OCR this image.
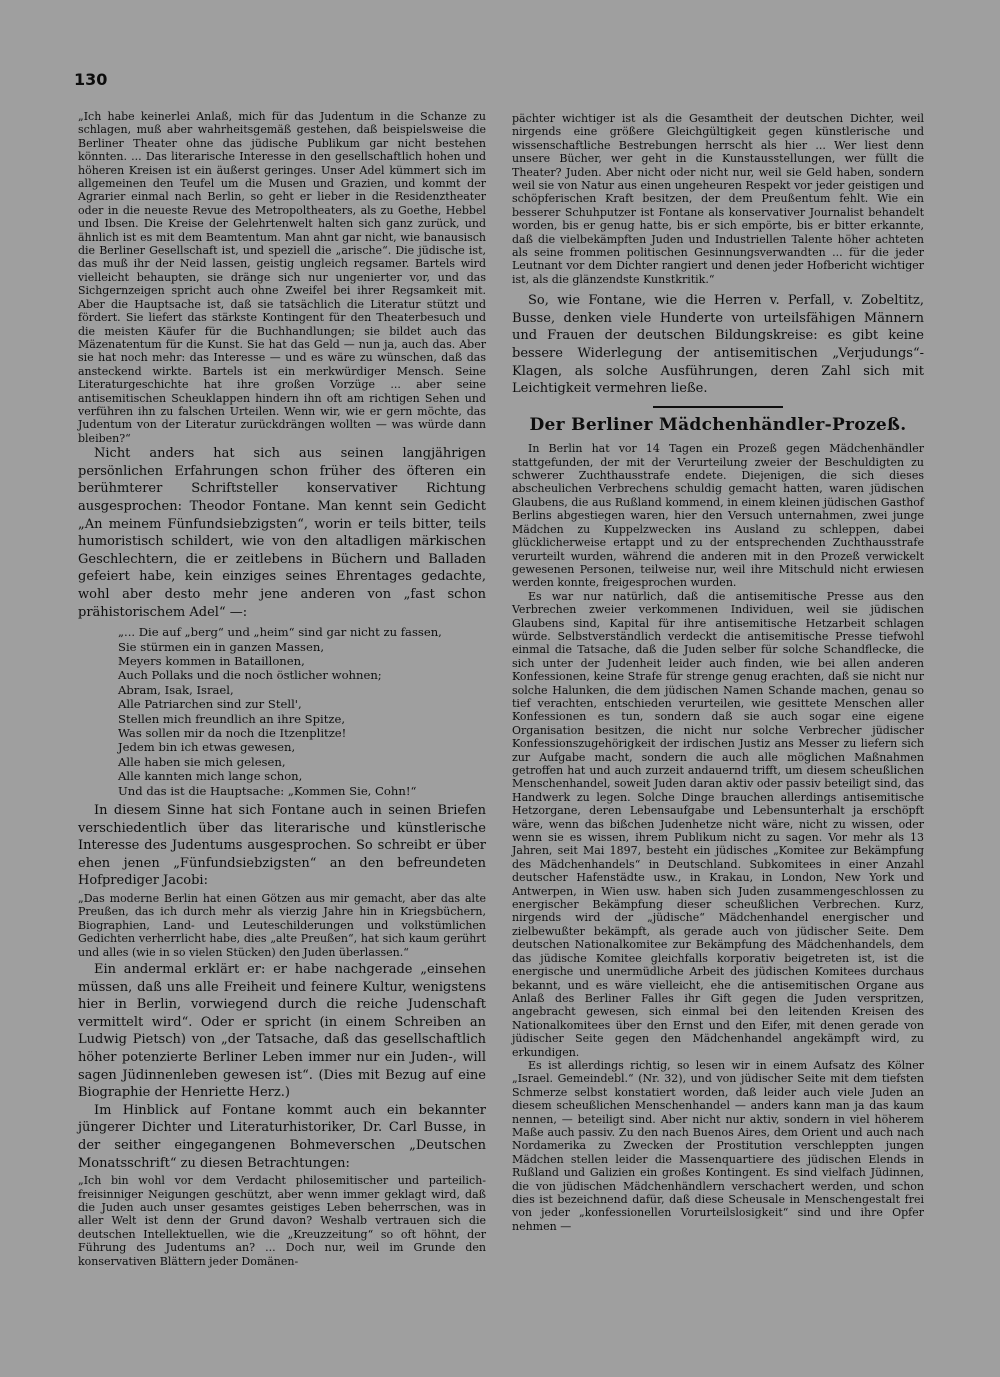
130

„Ich habe keinerlei Anlaß, mich für das Judentum in die Schanze zu schlagen, muß aber wahrheitsgemäß gestehen, daß beispielsweise die Berliner Theater ohne das jüdische Publikum gar nicht bestehen könnten. ... Das literarische Interesse in den gesellschaftlich hohen und höheren Kreisen ist ein äußerst geringes. Unser Adel kümmert sich im allgemeinen den Teufel um die Musen und Grazien, und kommt der Agrarier einmal nach Berlin, so geht er lieber in die Residenztheater oder in die neueste Revue des Metropoltheaters, als zu Goethe, Hebbel und Ibsen. Die Kreise der Gelehrtenwelt halten sich ganz zurück, und ähnlich ist es mit dem Beamtentum. Man ahnt gar nicht, wie banausisch die Berliner Gesellschaft ist, und speziell die „arische“. Die jüdische ist, das muß ihr der Neid lassen, geistig ungleich regsamer. Bartels wird vielleicht behaupten, sie dränge sich nur ungenierter vor, und das Sichgernzeigen spricht auch ohne Zweifel bei ihrer Regsamkeit mit. Aber die Hauptsache ist, daß sie tatsächlich die Literatur stützt und fördert. Sie liefert das stärkste Kontingent für den Theaterbesuch und die meisten Käufer für die Buchhandlungen; sie bildet auch das Mäzenatentum für die Kunst. Sie hat das Geld — nun ja, auch das. Aber sie hat noch mehr: das Interesse — und es wäre zu wünschen, daß das ansteckend wirkte. Bartels ist ein merkwürdiger Mensch. Seine Literaturgeschichte hat ihre großen Vorzüge ... aber seine antisemitischen Scheuklappen hindern ihn oft am richtigen Sehen und verführen ihn zu falschen Urteilen. Wenn wir, wie er gern möchte, das Judentum von der Literatur zurückdrängen wollten — was würde dann bleiben?“

Nicht anders hat sich aus seinen langjährigen persönlichen Erfahrungen schon früher des öfteren ein berühmterer Schriftsteller konservativer Richtung ausgesprochen: Theodor Fontane. Man kennt sein Gedicht „An meinem Fünfundsiebzigsten“, worin er teils bitter, teils humoristisch schildert, wie von den altadligen märkischen Geschlechtern, die er zeitlebens in Büchern und Balladen gefeiert habe, kein einziges seines Ehrentages gedachte, wohl aber desto mehr jene anderen von „fast schon prähistorischem Adel“ —:

„... Die auf „berg“ und „heim“ sind gar nicht zu fassen,
Sie stürmen ein in ganzen Massen,
Meyers kommen in Bataillonen,
Auch Pollaks und die noch östlicher wohnen;
Abram, Isak, Israel,
Alle Patriarchen sind zur Stell',
Stellen mich freundlich an ihre Spitze,
Was sollen mir da noch die Itzenplitze!
Jedem bin ich etwas gewesen,
Alle haben sie mich gelesen,
Alle kannten mich lange schon,
Und das ist die Hauptsache: „Kommen Sie, Cohn!“

In diesem Sinne hat sich Fontane auch in seinen Briefen verschiedentlich über das literarische und künstlerische Interesse des Judentums ausgesprochen. So schreibt er über ehen jenen „Fünfundsiebzigsten“ an den befreundeten Hofprediger Jacobi:

„Das moderne Berlin hat einen Götzen aus mir gemacht, aber das alte Preußen, das ich durch mehr als vierzig Jahre hin in Kriegsbüchern, Biographien, Land- und Leuteschilderungen und volkstümlichen Gedichten verherrlicht habe, dies „alte Preußen“, hat sich kaum gerührt und alles (wie in so vielen Stücken) den Juden überlassen.“

Ein andermal erklärt er: er habe nachgerade „einsehen müssen, daß uns alle Freiheit und feinere Kultur, wenigstens hier in Berlin, vorwiegend durch die reiche Judenschaft vermittelt wird“. Oder er spricht (in einem Schreiben an Ludwig Pietsch) von „der Tatsache, daß das gesellschaftlich höher potenzierte Berliner Leben immer nur ein Juden-, will sagen Jüdinnenleben gewesen ist“. (Dies mit Bezug auf eine Biographie der Henriette Herz.)

Im Hinblick auf Fontane kommt auch ein bekannter jüngerer Dichter und Literaturhistoriker, Dr. Carl Busse, in der seither eingegangenen Bohmeverschen „Deutschen Monatsschrift“ zu diesen Betrachtungen:

„Ich bin wohl vor dem Verdacht philosemitischer und parteilich-freisinniger Neigungen geschützt, aber wenn immer geklagt wird, daß die Juden auch unser gesamtes geistiges Leben beherrschen, was in aller Welt ist denn der Grund davon? Weshalb vertrauen sich die deutschen Intellektuellen, wie die „Kreuzzeitung“ so oft höhnt, der Führung des Judentums an? ... Doch nur, weil im Grunde den konservativen Blättern jeder Domänen-

pächter wichtiger ist als die Gesamtheit der deutschen Dichter, weil nirgends eine größere Gleichgültigkeit gegen künstlerische und wissenschaftliche Bestrebungen herrscht als hier ... Wer liest denn unsere Bücher, wer geht in die Kunstausstellungen, wer füllt die Theater? Juden. Aber nicht oder nicht nur, weil sie Geld haben, sondern weil sie von Natur aus einen ungeheuren Respekt vor jeder geistigen und schöpferischen Kraft besitzen, der dem Preußentum fehlt. Wie ein besserer Schuhputzer ist Fontane als konservativer Journalist behandelt worden, bis er genug hatte, bis er sich empörte, bis er bitter erkannte, daß die vielbekämpften Juden und Industriellen Talente höher achteten als seine frommen politischen Gesinnungsverwandten ... für die jeder Leutnant vor dem Dichter rangiert und denen jeder Hofbericht wichtiger ist, als die glänzendste Kunstkritik.“

So, wie Fontane, wie die Herren v. Perfall, v. Zobeltitz, Busse, denken viele Hunderte von urteilsfähigen Männern und Frauen der deutschen Bildungskreise: es gibt keine bessere Widerlegung der antisemitischen „Verjudungs“-Klagen, als solche Ausführungen, deren Zahl sich mit Leichtigkeit vermehren ließe.

Der Berliner Mädchenhändler-Prozeß.

In Berlin hat vor 14 Tagen ein Prozeß gegen Mädchenhändler stattgefunden, der mit der Verurteilung zweier der Beschuldigten zu schwerer Zuchthausstrafe endete. Diejenigen, die sich dieses abscheulichen Verbrechens schuldig gemacht hatten, waren jüdischen Glaubens, die aus Rußland kommend, in einem kleinen jüdischen Gasthof Berlins abgestiegen waren, hier den Versuch unternahmen, zwei junge Mädchen zu Kuppelzwecken ins Ausland zu schleppen, dabei glücklicherweise ertappt und zu der entsprechenden Zuchthausstrafe verurteilt wurden, während die anderen mit in den Prozeß verwickelt gewesenen Personen, teilweise nur, weil ihre Mitschuld nicht erwiesen werden konnte, freigesprochen wurden.

Es war nur natürlich, daß die antisemitische Presse aus den Verbrechen zweier verkommenen Individuen, weil sie jüdischen Glaubens sind, Kapital für ihre antisemitische Hetzarbeit schlagen würde. Selbstverständlich verdeckt die antisemitische Presse tiefwohl einmal die Tatsache, daß die Juden selber für solche Schandflecke, die sich unter der Judenheit leider auch finden, wie bei allen anderen Konfessionen, keine Strafe für strenge genug erachten, daß sie nicht nur solche Halunken, die dem jüdischen Namen Schande machen, genau so tief verachten, entschieden verurteilen, wie gesittete Menschen aller Konfessionen es tun, sondern daß sie auch sogar eine eigene Organisation besitzen, die nicht nur solche Verbrecher jüdischer Konfessionszugehörigkeit der irdischen Justiz ans Messer zu liefern sich zur Aufgabe macht, sondern die auch alle möglichen Maßnahmen getroffen hat und auch zurzeit andauernd trifft, um diesem scheußlichen Menschenhandel, soweit Juden daran aktiv oder passiv beteiligt sind, das Handwerk zu legen. Solche Dinge brauchen allerdings antisemitische Hetzorgane, deren Lebensaufgabe und Lebensunterhalt ja erschöpft wäre, wenn das bißchen Judenhetze nicht wäre, nicht zu wissen, oder wenn sie es wissen, ihrem Publikum nicht zu sagen. Vor mehr als 13 Jahren, seit Mai 1897, besteht ein jüdisches „Komitee zur Bekämpfung des Mädchenhandels“ in Deutschland. Subkomitees in einer Anzahl deutscher Hafenstädte usw., in Krakau, in London, New York und Antwerpen, in Wien usw. haben sich Juden zusammengeschlossen zu energischer Bekämpfung dieser scheußlichen Verbrechen. Kurz, nirgends wird der „jüdische“ Mädchenhandel energischer und zielbewußter bekämpft, als gerade auch von jüdischer Seite. Dem deutschen Nationalkomitee zur Bekämpfung des Mädchenhandels, dem das jüdische Komitee gleichfalls korporativ beigetreten ist, ist die energische und unermüdliche Arbeit des jüdischen Komitees durchaus bekannt, und es wäre vielleicht, ehe die antisemitischen Organe aus Anlaß des Berliner Falles ihr Gift gegen die Juden verspritzen, angebracht gewesen, sich einmal bei den leitenden Kreisen des Nationalkomitees über den Ernst und den Eifer, mit denen gerade von jüdischer Seite gegen den Mädchenhandel angekämpft wird, zu erkundigen.

Es ist allerdings richtig, so lesen wir in einem Aufsatz des Kölner „Israel. Gemeindebl.“ (Nr. 32), und von jüdischer Seite mit dem tiefsten Schmerze selbst konstatiert worden, daß leider auch viele Juden an diesem scheußlichen Menschenhandel — anders kann man ja das kaum nennen, — beteiligt sind. Aber nicht nur aktiv, sondern in viel höherem Maße auch passiv. Zu den nach Buenos Aires, dem Orient und auch nach Nordamerika zu Zwecken der Prostitution verschleppten jungen Mädchen stellen leider die Massenquartiere des jüdischen Elends in Rußland und Galizien ein großes Kontingent. Es sind vielfach Jüdinnen, die von jüdischen Mädchenhändlern verschachert werden, und schon dies ist bezeichnend dafür, daß diese Scheusale in Menschengestalt frei von jeder „konfessionellen Vorurteilslosigkeit“ sind und ihre Opfer nehmen —
